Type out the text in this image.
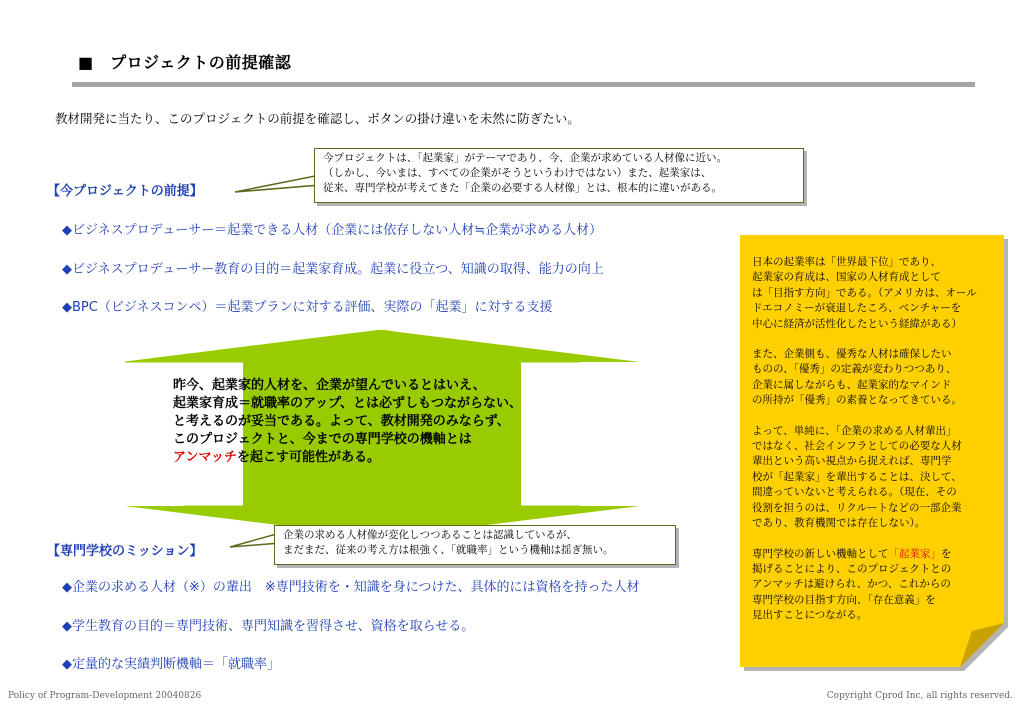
■　プロジェクトの前提確認
教材開発に当たり、このプロジェクトの前提を確認し、ボタンの掛け違いを未然に防ぎたい。
【今プロジェクトの前提】
◆ビジネスプロデューサー＝起業できる人材（企業には依存しない人材≒企業が求める人材）
◆ビジネスプロデューサー教育の目的＝起業家育成。起業に役立つ、知識の取得、能力の向上
◆BPC（ビジネスコンペ）＝起業プランに対する評価、実際の「起業」に対する支援
今プロジェクトは、「起業家」がテーマであり、今、企業が求めている人材像に近い。
（しかし、今いまは、すべての企業がそうというわけではない）また、起業家は、
従来、専門学校が考えてきた「企業の必要する人材像」とは、根本的に違いがある。
昨今、起業家的人材を、企業が望んでいるとはいえ、
起業家育成＝就職率のアップ、とは必ずしもつながらない、
と考えるのが妥当である。よって、教材開発のみならず、
このプロジェクトと、今までの専門学校の機軸とは
アンマッチを起こす可能性がある。
【専門学校のミッション】
◆企業の求める人材（※）の輩出　※専門技術を・知識を身につけた、具体的には資格を持った人材
◆学生教育の目的＝専門技術、専門知識を習得させ、資格を取らせる。
◆定量的な実績判断機軸＝「就職率」
企業の求める人材像が変化しつつあることは認識しているが、
まだまだ、従来の考え方は根強く、「就職率」という機軸は揺ぎ無い。

日本の起業率は「世界最下位」であり、
起業家の育成は、国家の人材育成として
は「目指す方向」である。（アメリカは、オール
ドエコノミーが衰退したころ、ベンチャーを
中心に経済が活性化したという経緯がある）

また、企業側も、優秀な人材は確保したい
ものの、「優秀」の定義が変わりつつあり、
企業に属しながらも、起業家的なマインド
の所持が「優秀」の素養となってきている。

よって、単純に、「企業の求める人材輩出」
ではなく、社会インフラとしての必要な人材
輩出という高い視点から捉えれば、専門学
校が「起業家」を輩出することは、決して、
間違っていないと考えられる。（現在、その
役割を担うのは、リクルートなどの一部企業
であり、教育機関では存在しない）。

専門学校の新しい機軸として「起業家」を
掲げることにより、このプロジェクトとの
アンマッチは避けられ、かつ、これからの
専門学校の目指す方向、「存在意義」を
見出すことにつながる。

Policy of Program-Development 20040826	Copyright Cprod Inc, all rights reserved.
